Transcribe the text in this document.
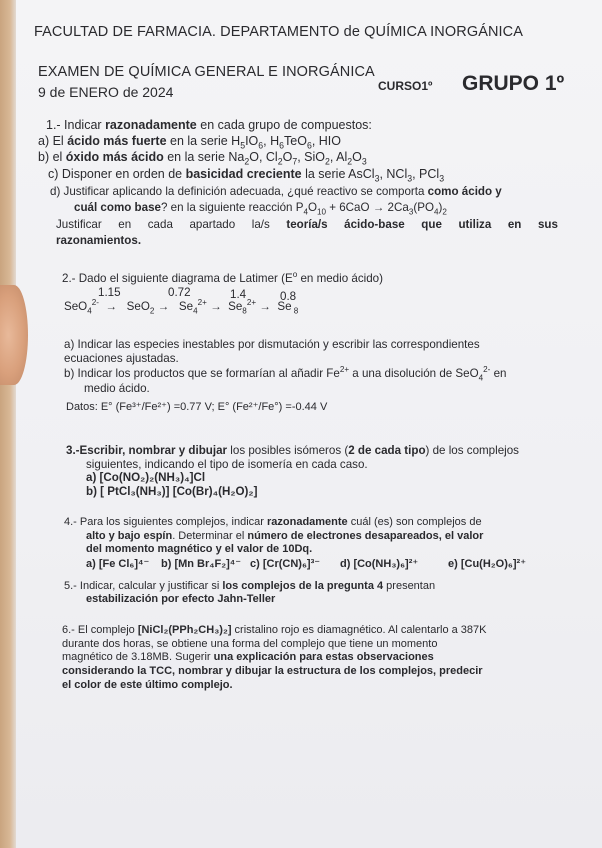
FACULTAD DE FARMACIA. DEPARTAMENTO de QUÍMICA INORGÁNICA
EXAMEN DE QUÍMICA GENERAL E INORGÁNICA
CURSO1º GRUPO 1º
9 de ENERO de 2024
1.- Indicar razonadamente en cada grupo de compuestos:
a) El ácido más fuerte en la serie $H_5IO_6$, $H_6TeO_6$, HIO
b) el óxido más ácido en la serie $Na_2O$, $Cl_2O_7$, SiO$_2$, $Al_2O_3$
c) Disponer en orden de basicidad creciente la serie AsCl$_3$, NCl$_3$, PCl$_3$
d) Justificar aplicando la definición adecuada, ¿qué reactivo se comporta como ácido y
cuál como base? en la siguiente reacción $P_4O_{10} + 6CaO \to 2Ca_3(PO_4)_2$
Justificar en cada apartado la/s teoría/s ácido-base que utiliza en sus
razonamientos.
2.- Dado el siguiente diagrama de Latimer ($E^o$ en medio ácido)
1.15	0.72	1.4	0.8
$SeO_4^{2-} \to SeO_2 \to Se_4^{2+} \to Se_8^{2+} \to Se$ $_8$
a) Indicar las especies inestables por dismutación y escribir las correspondientes
ecuaciones ajustadas.
b) Indicar los productos que se formarían al añadir $Fe^{2+}$ a una disolución de SeO$_4^{2-}$ en
medio ácido.
Datos: E° (Fe³⁺/Fe²⁺) =0.77 V; E° (Fe²⁺/Fe°) =-0.44 V
3.-Escribir, nombrar y dibujar los posibles isómeros (2 de cada tipo) de los complejos
siguientes, indicando el tipo de isomería en cada caso.
a) [Co(NO₂)₂(NH₃)₄]Cl
b) [ PtCl₃(NH₃)] [Co(Br)₄(H₂O)₂]
4.- Para los siguientes complejos, indicar razonadamente cuál (es) son complejos de
alto y bajo espín. Determinar el número de electrones desapareados, el valor
del momento magnético y el valor de 10Dq.
a) [Fe Cl₆]⁴⁻ b) [Mn Br₄F₂]⁴⁻ c) [Cr(CN)₆]³⁻ d) [Co(NH₃)₆]²⁺	e) [Cu(H₂O)₆]²⁺
5.- Indicar, calcular y justificar si los complejos de la pregunta 4 presentan
estabilización por efecto Jahn-Teller
6.- El complejo [NiCl₂(PPh₂CH₃)₂] cristalino rojo es diamagnético. Al calentarlo a 387K
durante dos horas, se obtiene una forma del complejo que tiene un momento
magnético de 3.18MB. Sugerir una explicación para estas observaciones
considerando la TCC, nombrar y dibujar la estructura de los complejos, predecir
el color de este último complejo.
